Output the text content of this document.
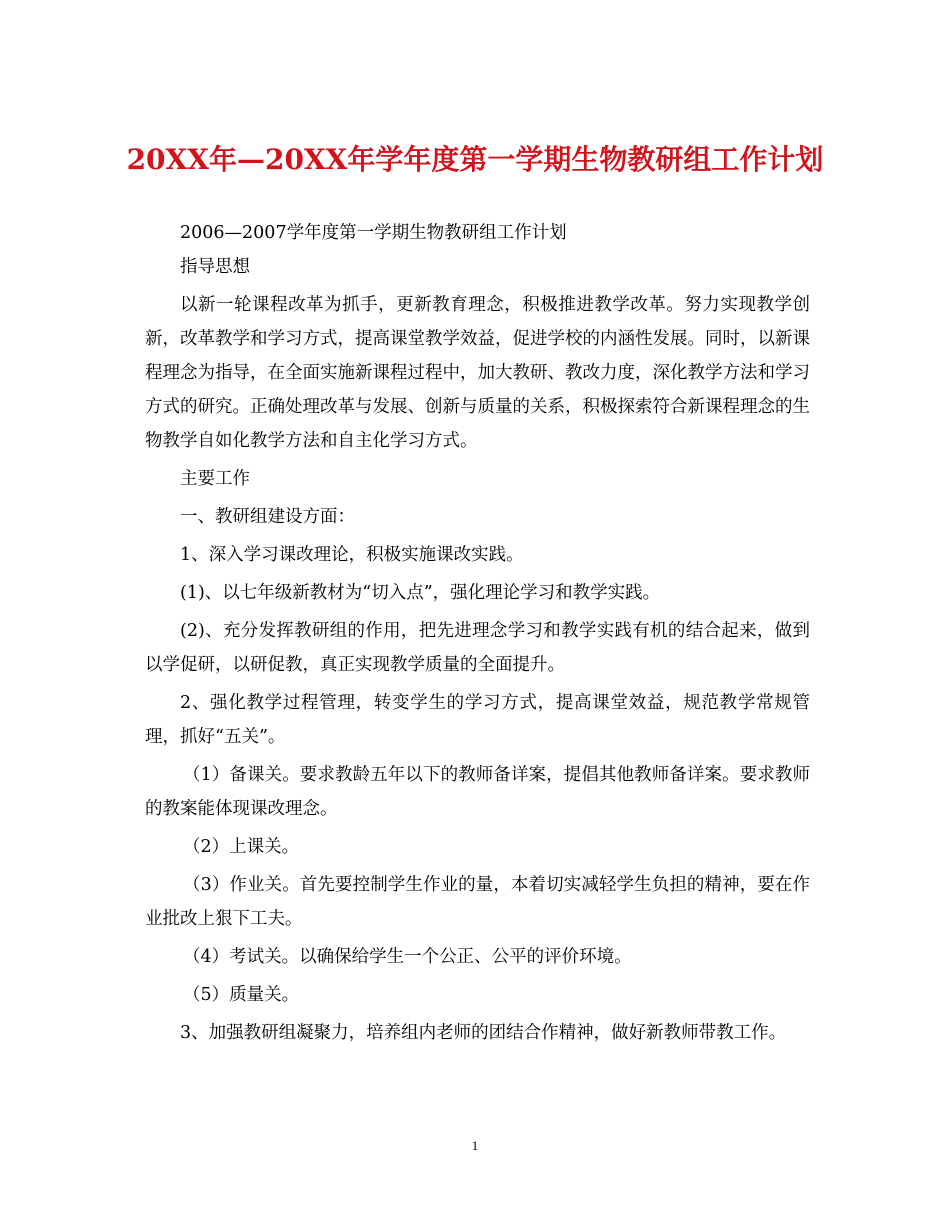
20XX年—20XX年学年度第一学期生物教研组工作计划

2006—2007学年度第一学期生物教研组工作计划

指导思想

以新一轮课程改革为抓手，更新教育理念，积极推进教学改革。努力实现教学创新，改革教学和学习方式，提高课堂教学效益，促进学校的内涵性发展。同时，以新课程理念为指导，在全面实施新课程过程中，加大教研、教改力度，深化教学方法和学习方式的研究。正确处理改革与发展、创新与质量的关系，积极探索符合新课程理念的生物教学自如化教学方法和自主化学习方式。

主要工作

一、教研组建设方面：

1、深入学习课改理论，积极实施课改实践。

(1)、以七年级新教材为“切入点”，强化理论学习和教学实践。

(2)、充分发挥教研组的作用，把先进理念学习和教学实践有机的结合起来，做到以学促研，以研促教，真正实现教学质量的全面提升。

2、强化教学过程管理，转变学生的学习方式，提高课堂效益，规范教学常规管理，抓好“五关”。

（1）备课关。要求教龄五年以下的教师备详案，提倡其他教师备详案。要求教师的教案能体现课改理念。

（2）上课关。

（3）作业关。首先要控制学生作业的量，本着切实减轻学生负担的精神，要在作业批改上狠下工夫。

（4）考试关。以确保给学生一个公正、公平的评价环境。

（5）质量关。

3、加强教研组凝聚力，培养组内老师的团结合作精神，做好新教师带教工作。

1
